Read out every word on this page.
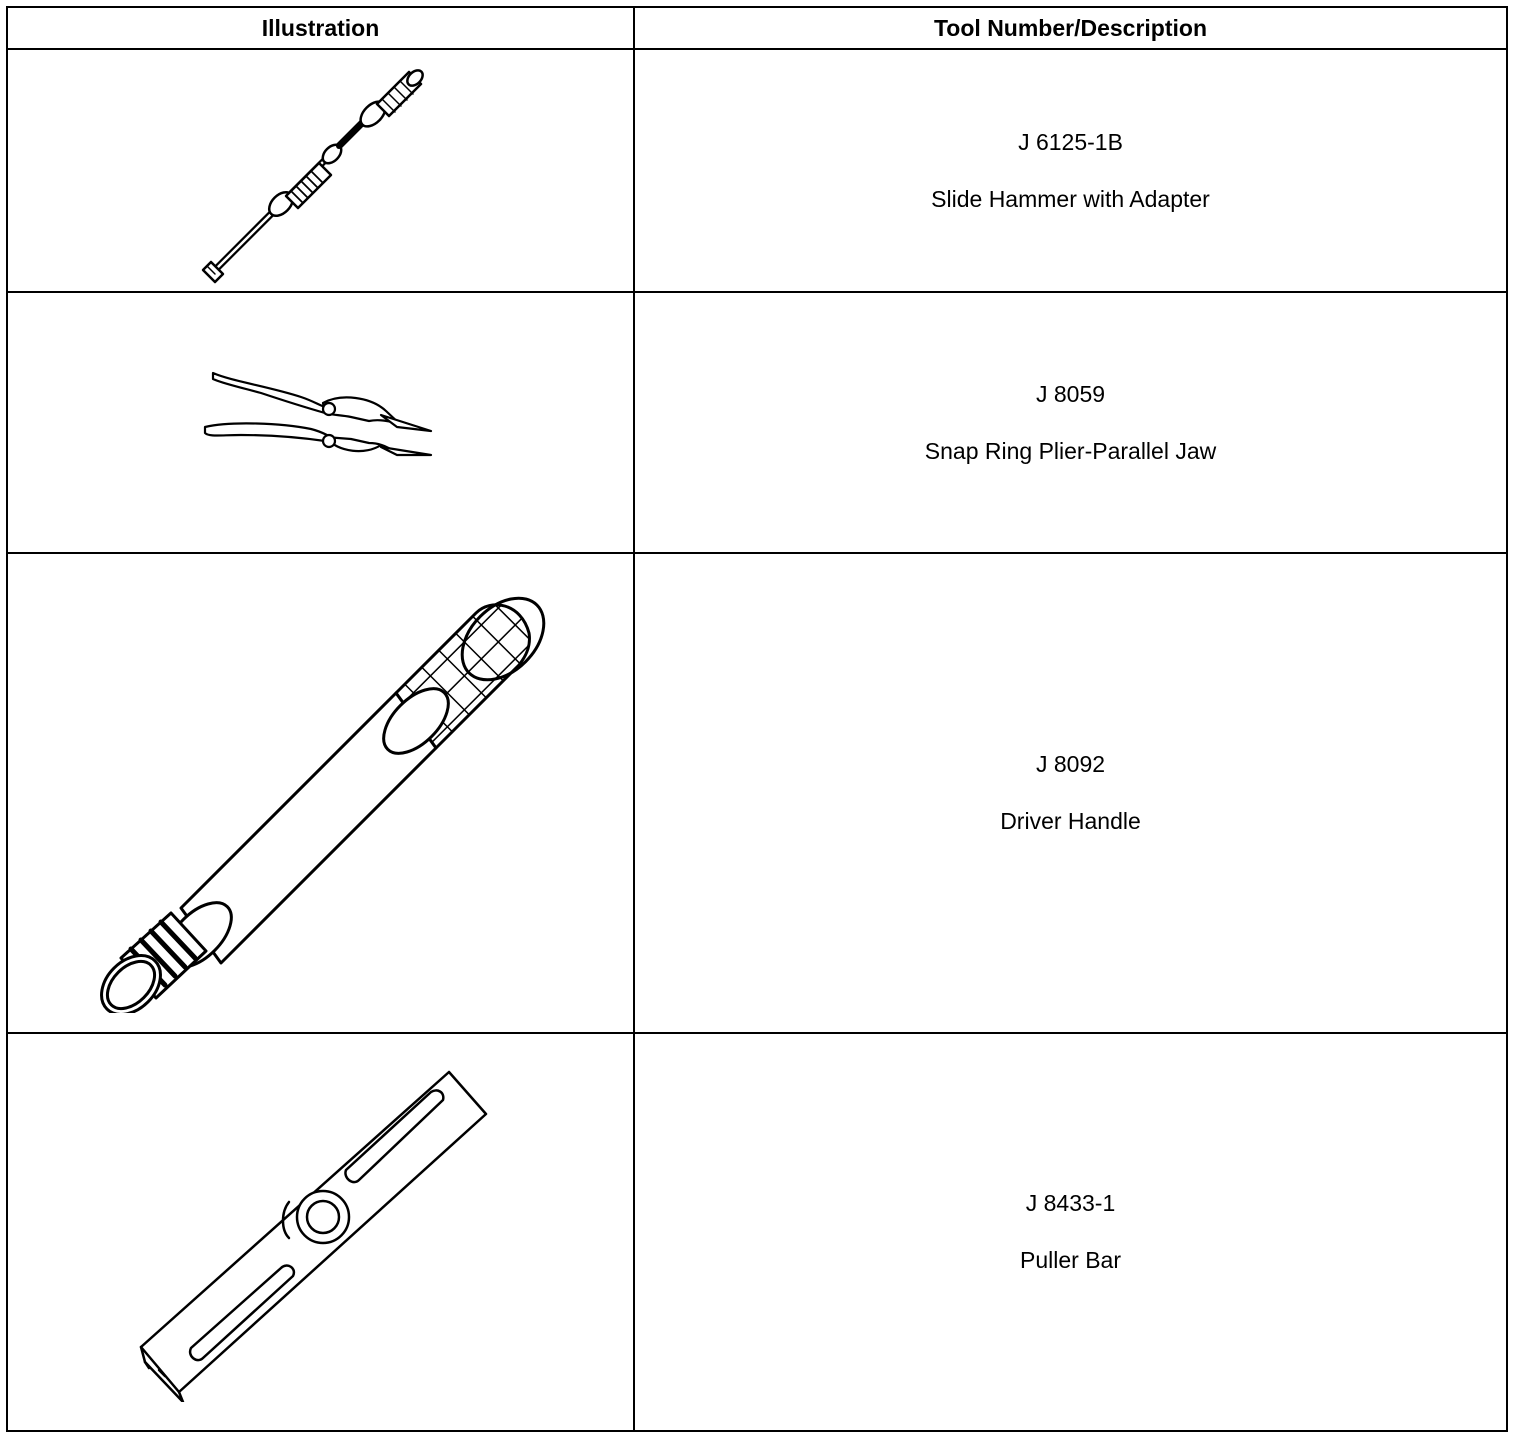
Illustration	Tool Number/Description

J 6125-1B
Slide Hammer with Adapter

J 8059
Snap Ring Plier-Parallel Jaw

J 8092
Driver Handle

J 8433-1
Puller Bar
